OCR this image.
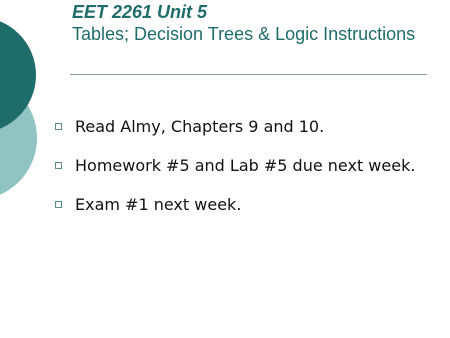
EET 2261 Unit 5
Tables; Decision Trees & Logic Instructions
Read Almy, Chapters 9 and 10.
Homework #5 and Lab #5 due next week.
Exam #1 next week.
